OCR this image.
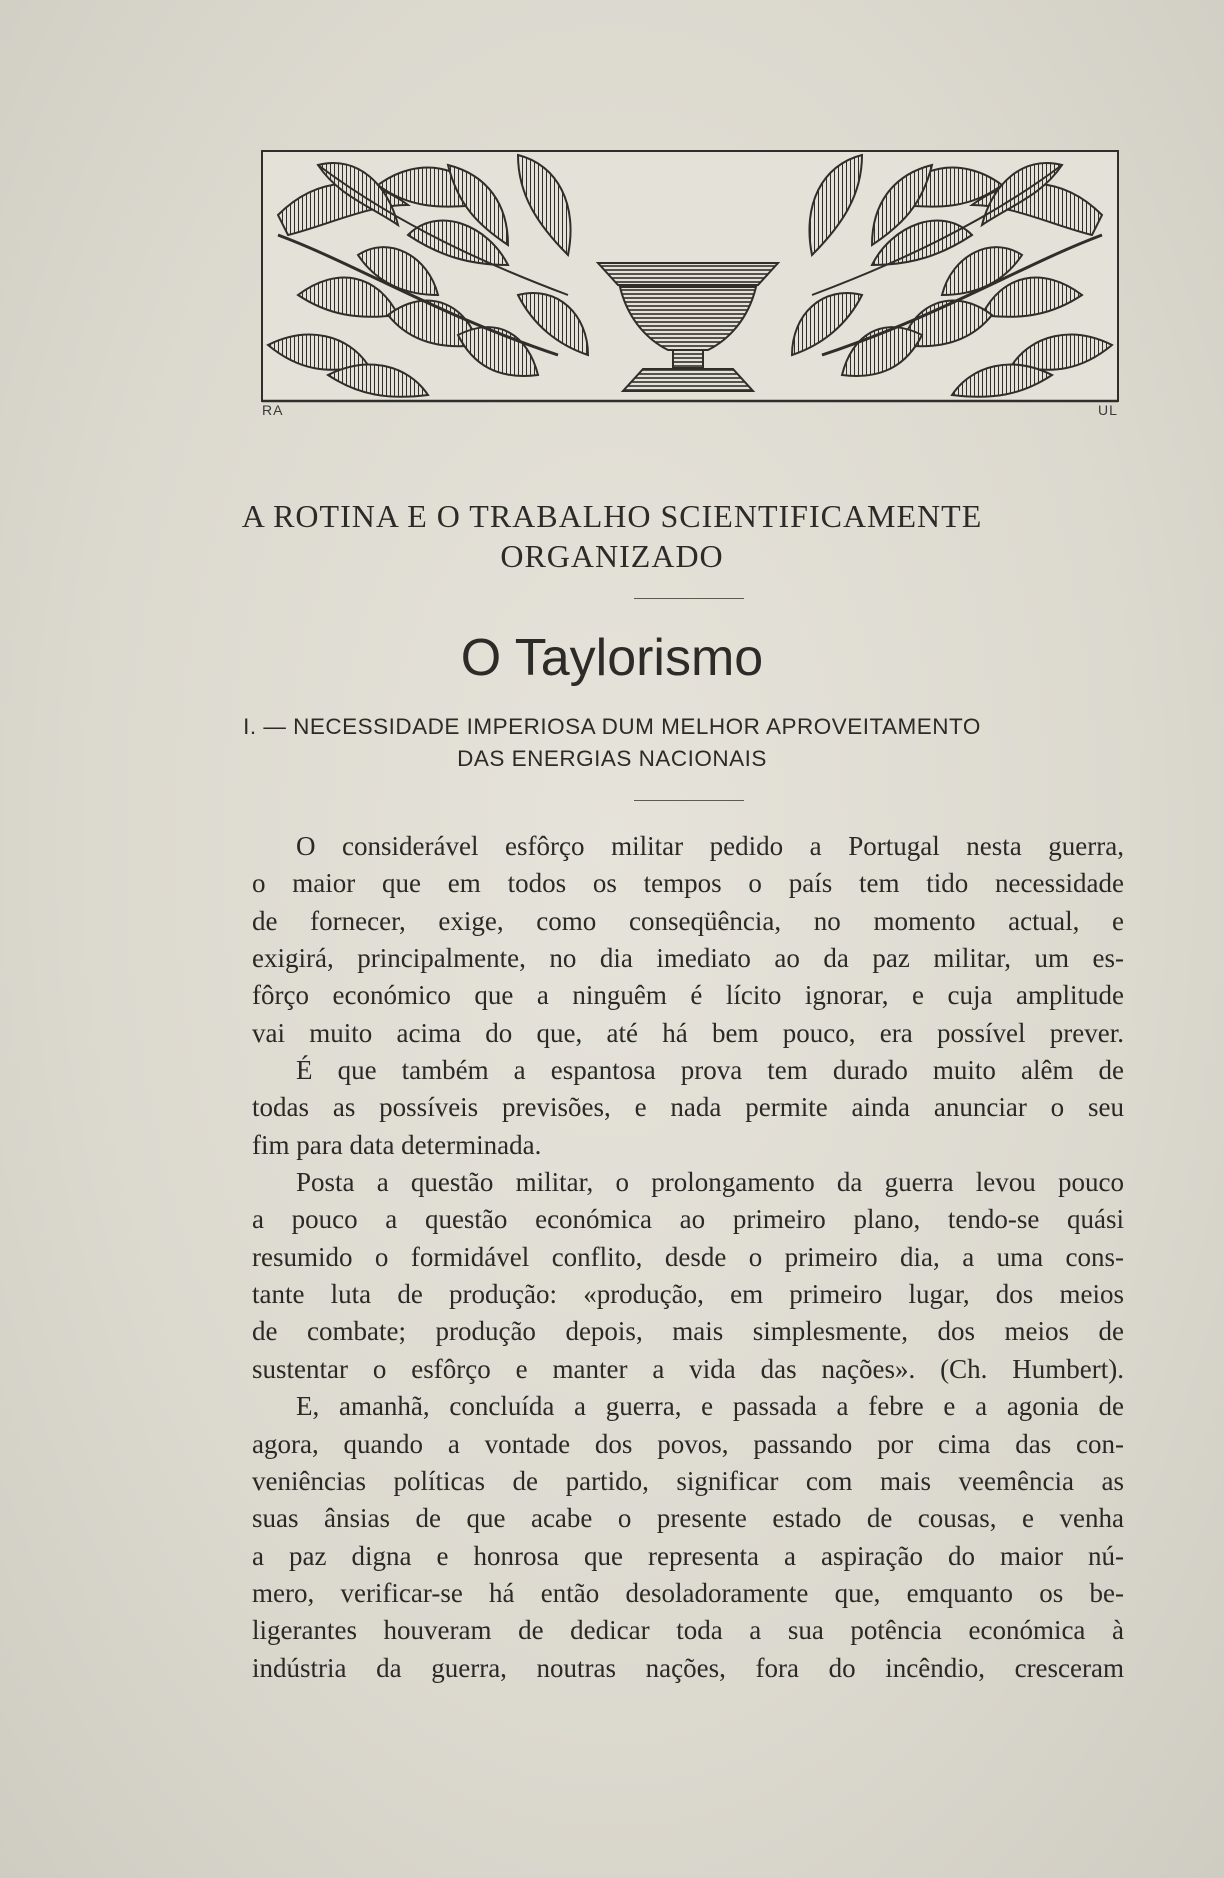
RA	UL
A ROTINA E O TRABALHO SCIENTIFICAMENTE
ORGANIZADO
O Taylorismo
I. — NECESSIDADE IMPERIOSA DUM MELHOR APROVEITAMENTO
DAS ENERGIAS NACIONAIS
O considerável esfôrço militar pedido a Portugal nesta guerra,
o maior que em todos os tempos o país tem tido necessidade
de fornecer, exige, como conseqüência, no momento actual, e
exigirá, principalmente, no dia imediato ao da paz militar, um es-
fôrço económico que a ninguêm é lícito ignorar, e cuja amplitude
vai muito acima do que, até há bem pouco, era possível prever.
É que também a espantosa prova tem durado muito alêm de
todas as possíveis previsões, e nada permite ainda anunciar o seu
fim para data determinada.
Posta a questão militar, o prolongamento da guerra levou pouco
a pouco a questão económica ao primeiro plano, tendo-se quási
resumido o formidável conflito, desde o primeiro dia, a uma cons-
tante luta de produção: «produção, em primeiro lugar, dos meios
de combate; produção depois, mais simplesmente, dos meios de
sustentar o esfôrço e manter a vida das nações». (Ch. Humbert).
E, amanhã, concluída a guerra, e passada a febre e a agonia de
agora, quando a vontade dos povos, passando por cima das con-
veniências políticas de partido, significar com mais veemência as
suas ânsias de que acabe o presente estado de cousas, e venha
a paz digna e honrosa que representa a aspiração do maior nú-
mero, verificar-se há então desoladoramente que, emquanto os be-
ligerantes houveram de dedicar toda a sua potência económica à
indústria da guerra, noutras nações, fora do incêndio, cresceram
